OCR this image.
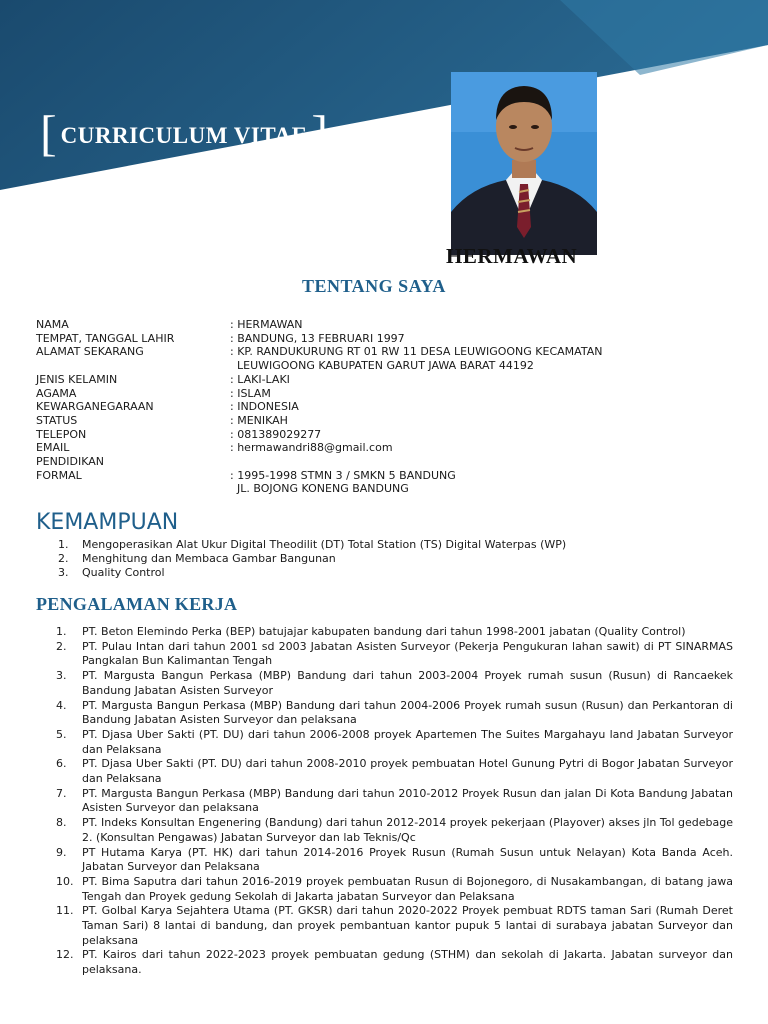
[ CURRICULUM VITAE ]
HERMAWAN
TENTANG SAYA
NAMA	: HERMAWAN
TEMPAT, TANGGAL LAHIR	: BANDUNG, 13 FEBRUARI 1997
ALAMAT SEKARANG	: KP. RANDUKURUNG RT 01 RW 11 DESA LEUWIGOONG KECAMATAN
LEUWIGOONG KABUPATEN GARUT JAWA BARAT 44192
JENIS KELAMIN	: LAKI-LAKI
AGAMA	: ISLAM
KEWARGANEGARAAN	: INDONESIA
STATUS	: MENIKAH
TELEPON	: 081389029277
EMAIL	: hermawandri88@gmail.com
PENDIDIKAN
FORMAL	: 1995-1998 STMN 3 / SMKN 5 BANDUNG
JL. BOJONG KONENG BANDUNG
KEMAMPUAN
1.	Mengoperasikan Alat Ukur Digital Theodilit (DT) Total Station (TS) Digital Waterpas (WP)
2.	Menghitung dan Membaca Gambar Bangunan
3.	Quality Control
PENGALAMAN KERJA
1.	PT. Beton Elemindo Perka (BEP) batujajar kabupaten bandung dari tahun 1998-2001 jabatan (Quality Control)
2.	PT. Pulau Intan dari tahun 2001 sd 2003 Jabatan Asisten Surveyor (Pekerja Pengukuran lahan sawit) di PT SINARMAS Pangkalan Bun Kalimantan Tengah
3.	PT. Margusta Bangun Perkasa (MBP) Bandung dari tahun 2003-2004 Proyek rumah susun (Rusun) di Rancaekek Bandung Jabatan Asisten Surveyor
4.	PT. Margusta Bangun Perkasa (MBP) Bandung dari tahun 2004-2006 Proyek rumah susun (Rusun) dan Perkantoran di Bandung Jabatan Asisten Surveyor dan pelaksana
5.	PT. Djasa Uber Sakti (PT. DU) dari tahun 2006-2008 proyek Apartemen The Suites Margahayu land Jabatan Surveyor dan Pelaksana
6.	PT. Djasa Uber Sakti (PT. DU) dari tahun 2008-2010 proyek pembuatan Hotel Gunung Pytri di Bogor Jabatan Surveyor dan Pelaksana
7.	PT. Margusta Bangun Perkasa (MBP) Bandung dari tahun 2010-2012 Proyek Rusun dan jalan Di Kota Bandung Jabatan Asisten Surveyor dan pelaksana
8.	PT. Indeks Konsultan Engenering (Bandung) dari tahun 2012-2014 proyek pekerjaan (Playover) akses jln Tol gedebage 2. (Konsultan Pengawas) Jabatan Surveyor dan lab Teknis/Qc
9.	PT Hutama Karya (PT. HK) dari tahun 2014-2016 Proyek Rusun (Rumah Susun untuk Nelayan) Kota Banda Aceh. Jabatan Surveyor dan Pelaksana
10. PT. Bima Saputra dari tahun 2016-2019 proyek pembuatan Rusun di Bojonegoro, di Nusakambangan, di batang jawa Tengah dan Proyek gedung Sekolah di Jakarta jabatan Surveyor dan Pelaksana
11. PT. Golbal Karya Sejahtera Utama (PT. GKSR) dari tahun 2020-2022 Proyek pembuat RDTS taman Sari (Rumah Deret Taman Sari) 8 lantai di bandung, dan proyek pembantuan kantor pupuk 5 lantai di surabaya jabatan Surveyor dan pelaksana
12. PT. Kairos dari tahun 2022-2023 proyek pembuatan gedung (STHM) dan sekolah di Jakarta. Jabatan surveyor dan pelaksana.
